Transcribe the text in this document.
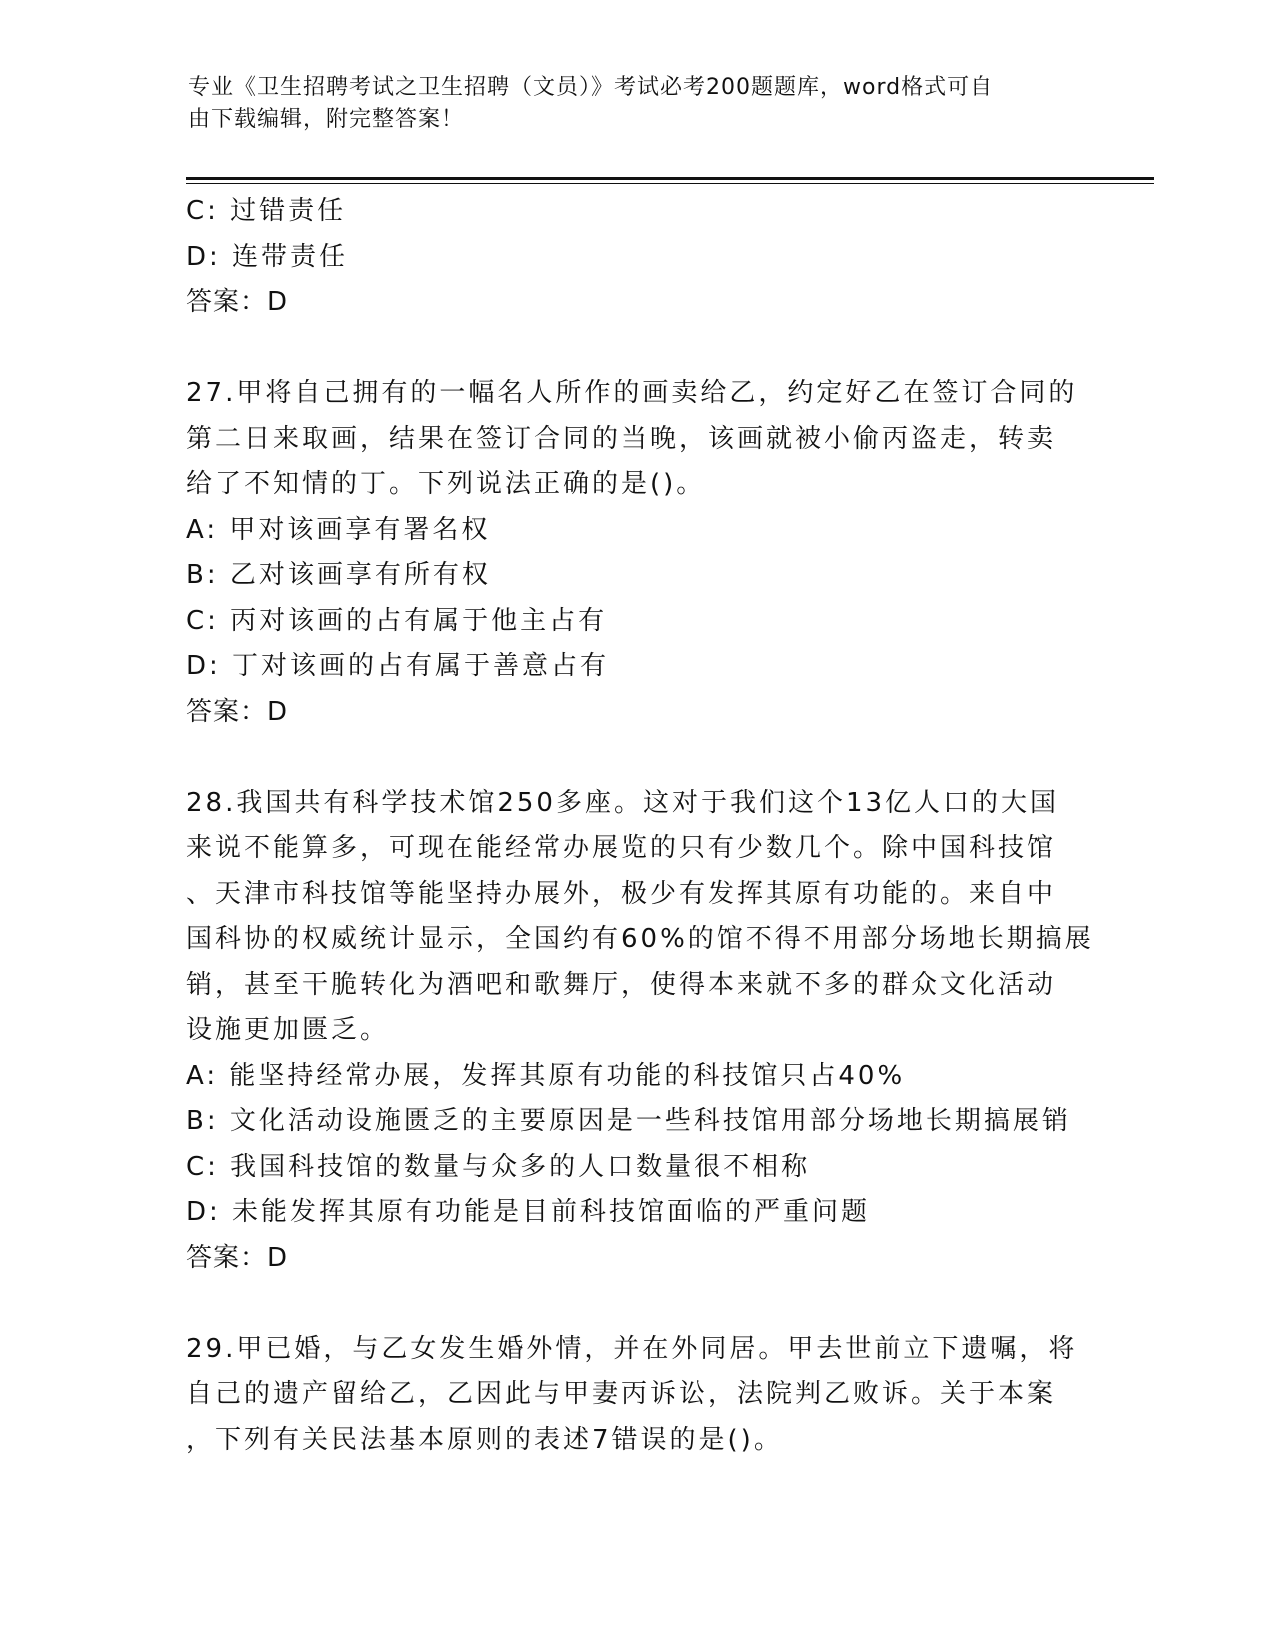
专业《卫生招聘考试之卫生招聘（文员）》考试必考200题题库，word格式可自
由下载编辑，附完整答案！
C: 过错责任
D: 连带责任
答案：D
27.甲将自己拥有的一幅名人所作的画卖给乙，约定好乙在签订合同的
第二日来取画，结果在签订合同的当晚，该画就被小偷丙盗走，转卖
给了不知情的丁。下列说法正确的是()。
A: 甲对该画享有署名权
B: 乙对该画享有所有权
C: 丙对该画的占有属于他主占有
D: 丁对该画的占有属于善意占有
答案：D
28.我国共有科学技术馆250多座。这对于我们这个13亿人口的大国
来说不能算多，可现在能经常办展览的只有少数几个。除中国科技馆
、天津市科技馆等能坚持办展外，极少有发挥其原有功能的。来自中
国科协的权威统计显示，全国约有60%的馆不得不用部分场地长期搞展
销，甚至干脆转化为酒吧和歌舞厅，使得本来就不多的群众文化活动
设施更加匮乏。
A: 能坚持经常办展，发挥其原有功能的科技馆只占40%
B: 文化活动设施匮乏的主要原因是一些科技馆用部分场地长期搞展销
C: 我国科技馆的数量与众多的人口数量很不相称
D: 未能发挥其原有功能是目前科技馆面临的严重问题
答案：D
29.甲已婚，与乙女发生婚外情，并在外同居。甲去世前立下遗嘱，将
自己的遗产留给乙，乙因此与甲妻丙诉讼，法院判乙败诉。关于本案
，下列有关民法基本原则的表述7错误的是()。
